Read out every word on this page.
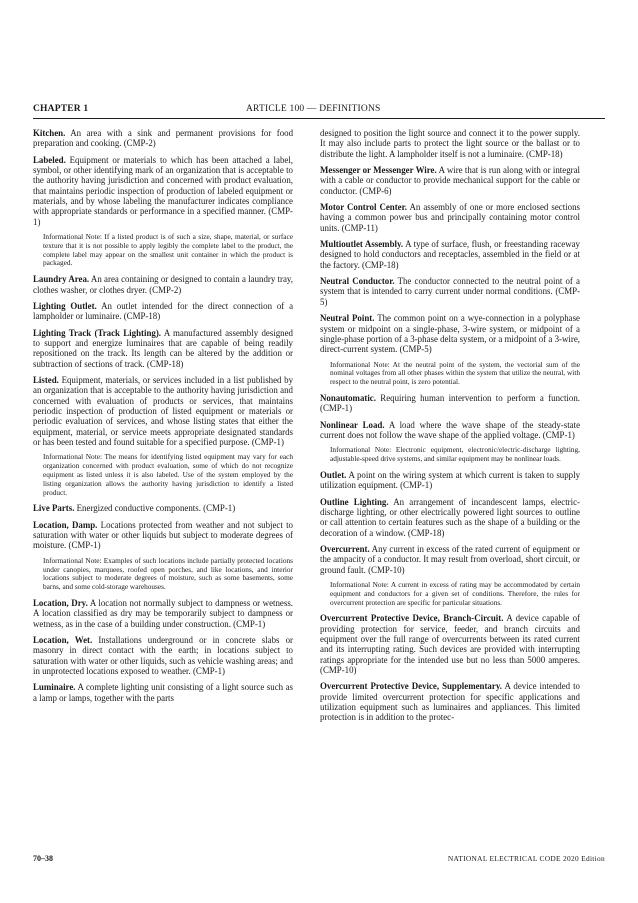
CHAPTER 1	ARTICLE 100 — DEFINITIONS

Kitchen. An area with a sink and permanent provisions for food preparation and cooking. (CMP-2)

Labeled. Equipment or materials to which has been attached a label, symbol, or other identifying mark of an organization that is acceptable to the authority having jurisdiction and concerned with product evaluation, that maintains periodic inspection of production of labeled equipment or materials, and by whose labeling the manufacturer indicates compliance with appropriate standards or performance in a specified manner. (CMP-1)

Informational Note: If a listed product is of such a size, shape, material, or surface texture that it is not possible to apply legibly the complete label to the product, the complete label may appear on the smallest unit container in which the product is packaged.

Laundry Area. An area containing or designed to contain a laundry tray, clothes washer, or clothes dryer. (CMP-2)

Lighting Outlet. An outlet intended for the direct connection of a lampholder or luminaire. (CMP-18)

Lighting Track (Track Lighting). A manufactured assembly designed to support and energize luminaires that are capable of being readily repositioned on the track. Its length can be altered by the addition or subtraction of sections of track. (CMP-18)

Listed. Equipment, materials, or services included in a list published by an organization that is acceptable to the authority having jurisdiction and concerned with evaluation of products or services, that maintains periodic inspection of production of listed equipment or materials or periodic evaluation of services, and whose listing states that either the equipment, material, or service meets appropriate designated standards or has been tested and found suitable for a specified purpose. (CMP-1)

Informational Note: The means for identifying listed equipment may vary for each organization concerned with product evaluation, some of which do not recognize equipment as listed unless it is also labeled. Use of the system employed by the listing organization allows the authority having jurisdiction to identify a listed product.

Live Parts. Energized conductive components. (CMP-1)

Location, Damp. Locations protected from weather and not subject to saturation with water or other liquids but subject to moderate degrees of moisture. (CMP-1)

Informational Note: Examples of such locations include partially protected locations under canopies, marquees, roofed open porches, and like locations, and interior locations subject to moderate degrees of moisture, such as some basements, some barns, and some cold-storage warehouses.

Location, Dry. A location not normally subject to dampness or wetness. A location classified as dry may be temporarily subject to dampness or wetness, as in the case of a building under construction. (CMP-1)

Location, Wet. Installations underground or in concrete slabs or masonry in direct contact with the earth; in locations subject to saturation with water or other liquids, such as vehicle washing areas; and in unprotected locations exposed to weather. (CMP-1)

Luminaire. A complete lighting unit consisting of a light source such as a lamp or lamps, together with the parts

designed to position the light source and connect it to the power supply. It may also include parts to protect the light source or the ballast or to distribute the light. A lampholder itself is not a luminaire. (CMP-18)

Messenger or Messenger Wire. A wire that is run along with or integral with a cable or conductor to provide mechanical support for the cable or conductor. (CMP-6)

Motor Control Center. An assembly of one or more enclosed sections having a common power bus and principally containing motor control units. (CMP-11)

Multioutlet Assembly. A type of surface, flush, or freestanding raceway designed to hold conductors and receptacles, assembled in the field or at the factory. (CMP-18)

Neutral Conductor. The conductor connected to the neutral point of a system that is intended to carry current under normal conditions. (CMP-5)

Neutral Point. The common point on a wye-connection in a polyphase system or midpoint on a single-phase, 3-wire system, or midpoint of a single-phase portion of a 3-phase delta system, or a midpoint of a 3-wire, direct-current system. (CMP-5)

Informational Note: At the neutral point of the system, the vectorial sum of the nominal voltages from all other phases within the system that utilize the neutral, with respect to the neutral point, is zero potential.

Nonautomatic. Requiring human intervention to perform a function. (CMP-1)

Nonlinear Load. A load where the wave shape of the steady-state current does not follow the wave shape of the applied voltage. (CMP-1)

Informational Note: Electronic equipment, electronic/electric-discharge lighting, adjustable-speed drive systems, and similar equipment may be nonlinear loads.

Outlet. A point on the wiring system at which current is taken to supply utilization equipment. (CMP-1)

Outline Lighting. An arrangement of incandescent lamps, electric-discharge lighting, or other electrically powered light sources to outline or call attention to certain features such as the shape of a building or the decoration of a window. (CMP-18)

Overcurrent. Any current in excess of the rated current of equipment or the ampacity of a conductor. It may result from overload, short circuit, or ground fault. (CMP-10)

Informational Note: A current in excess of rating may be accommodated by certain equipment and conductors for a given set of conditions. Therefore, the rules for overcurrent protection are specific for particular situations.

Overcurrent Protective Device, Branch-Circuit. A device capable of providing protection for service, feeder, and branch circuits and equipment over the full range of overcurrents between its rated current and its interrupting rating. Such devices are provided with interrupting ratings appropriate for the intended use but no less than 5000 amperes. (CMP-10)

Overcurrent Protective Device, Supplementary. A device intended to provide limited overcurrent protection for specific applications and utilization equipment such as luminaires and appliances. This limited protection is in addition to the protec-

70–38	NATIONAL ELECTRICAL CODE 2020 Edition
